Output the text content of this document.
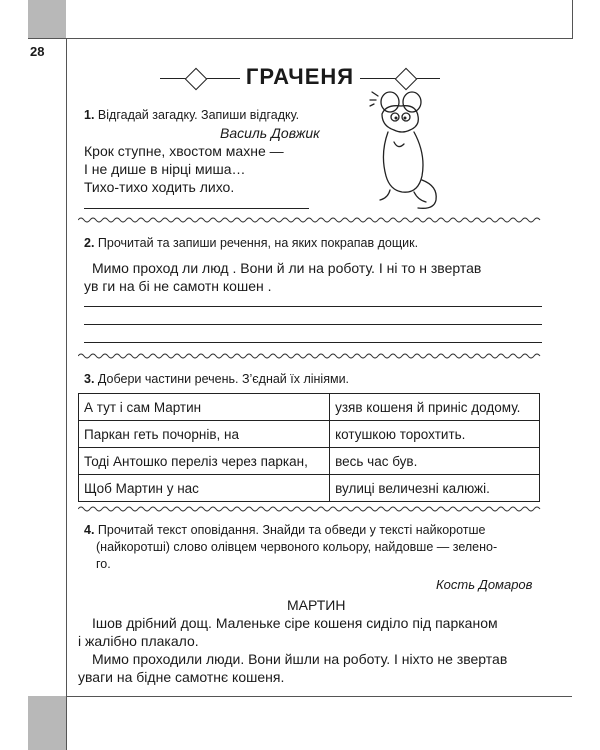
28
ГРАЧЕНЯ
1. Відгадай загадку. Запиши відгадку.
Василь Довжик
Крок ступне, хвостом махне —
І не дише в нірці миша…
Тихо-тихо ходить лихо.
2. Прочитай та запиши речення, на яких покрапав дощик.
Мимо проход ли люд . Вони й ли на роботу. І ні то н звертав
ув ги на бі не самотн кошен .
3. Добери частини речень. З’єднай їх лініями.
А тут і сам Мартин	узяв кошеня й приніс додому.
Паркан геть почорнів, на	котушкою торохтить.
Тоді Антошко переліз через паркан,	весь час був.
Щоб Мартин у нас	вулиці величезні калюжі.
4. Прочитай текст оповідання. Знайди та обведи у тексті найкоротше
(найкоротші) слово олівцем червоного кольору, найдовше — зелено-
го.
Кость Домаров
МАРТИН
Ішов дрібний дощ. Маленьке сіре кошеня сиділо під парканом
і жалібно плакало.
Мимо проходили люди. Вони йшли на роботу. І ніхто не звертав
уваги на бідне самотнє кошеня.
